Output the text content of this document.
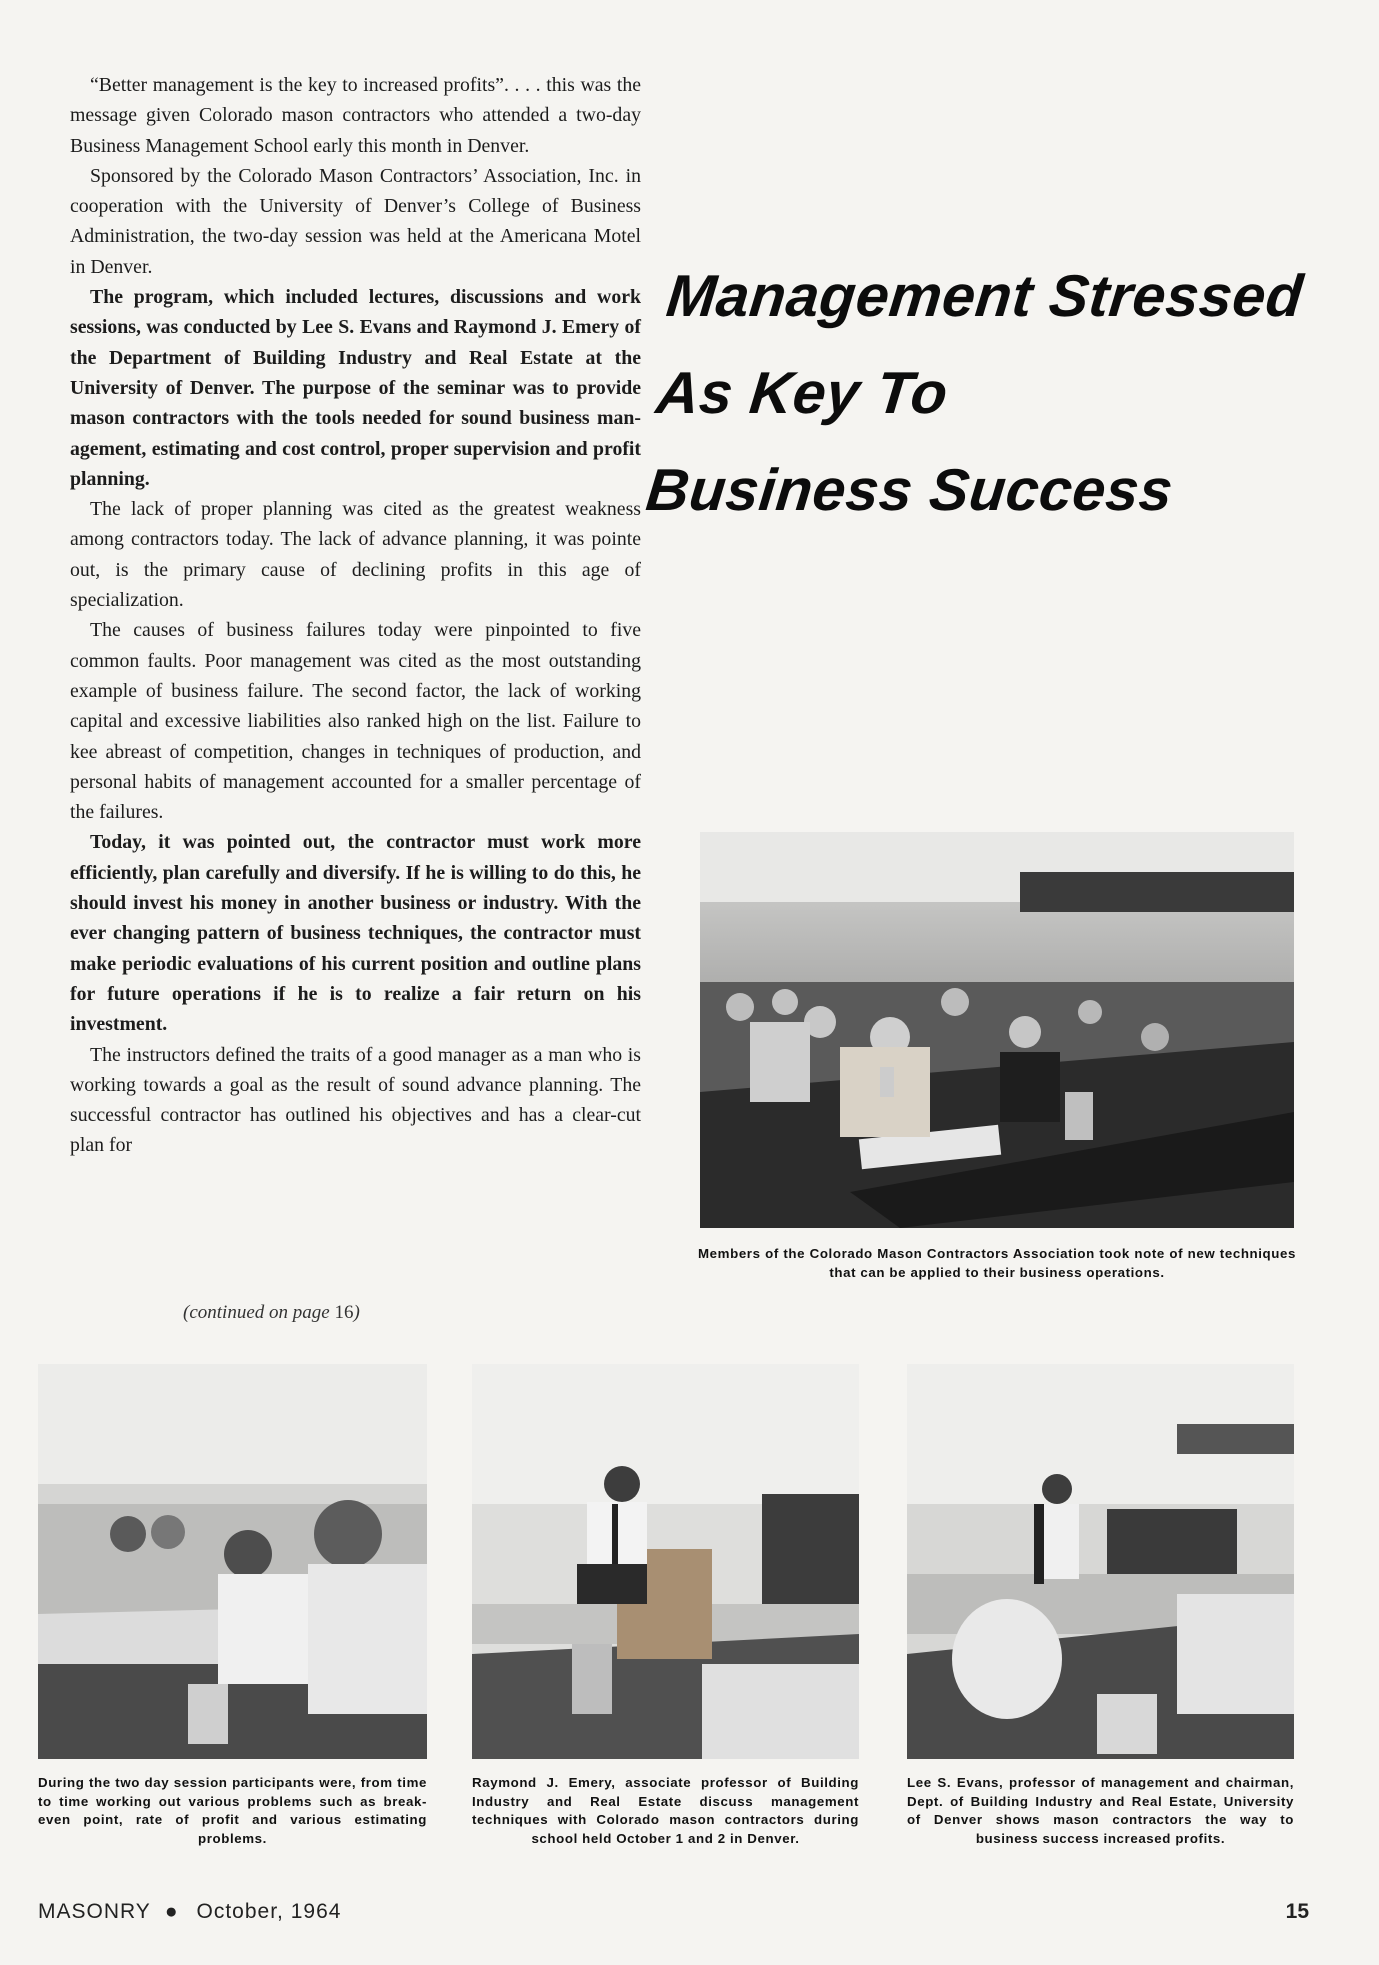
“Better management is the key to increased profits”. . . . this was the message given Colorado mason contractors who attended a two-day Business Management School early this month in Denver.

Sponsored by the Colorado Mason Contractors’ Association, Inc. in cooperation with the University of Denver’s College of Business Administration, the two-day session was held at the Americana Motel in Denver.

The program, which included lectures, discussions and work sessions, was conducted by Lee S. Evans and Raymond J. Emery of the Department of Building Industry and Real Estate at the University of Denver. The purpose of the seminar was to provide mason contractors with the tools needed for sound business management, estimating and cost control, proper supervision and profit planning.

The lack of proper planning was cited as the greatest weakness among contractors today. The lack of advance planning, it was pointe out, is the primary cause of declining profits in this age of specialization.

The causes of business failures today were pinpointed to five common faults. Poor management was cited as the most outstanding example of business failure. The second factor, the lack of working capital and excessive liabilities also ranked high on the list. Failure to kee abreast of competition, changes in techniques of production, and personal habits of management accounted for a smaller percentage of the failures.

Today, it was pointed out, the contractor must work more efficiently, plan carefully and diversify. If he is willing to do this, he should invest his money in another business or industry. With the ever changing pattern of business techniques, the contractor must make periodic evaluations of his current position and outline plans for future operations if he is to realize a fair return on his investment.

The instructors defined the traits of a good manager as a man who is working towards a goal as the result of sound advance planning. The successful contractor has outlined his objectives and has a clear-cut plan for

(continued on page 16)
Management Stressed
As Key To
Business Success
Members of the Colorado Mason Contractors Association took note of new techniques that can be applied to their business operations.
During the two day session participants were, from time to time working out various problems such as break-even point, rate of profit and various estimating problems.
Raymond J. Emery, associate professor of Building Industry and Real Estate discuss management techniques with Colorado mason contractors during school held October 1 and 2 in Denver.
Lee S. Evans, professor of management and chairman, Dept. of Building Industry and Real Estate, University of Denver shows mason contractors the way to business success increased profits.
MASONRY ● October, 1964	15
